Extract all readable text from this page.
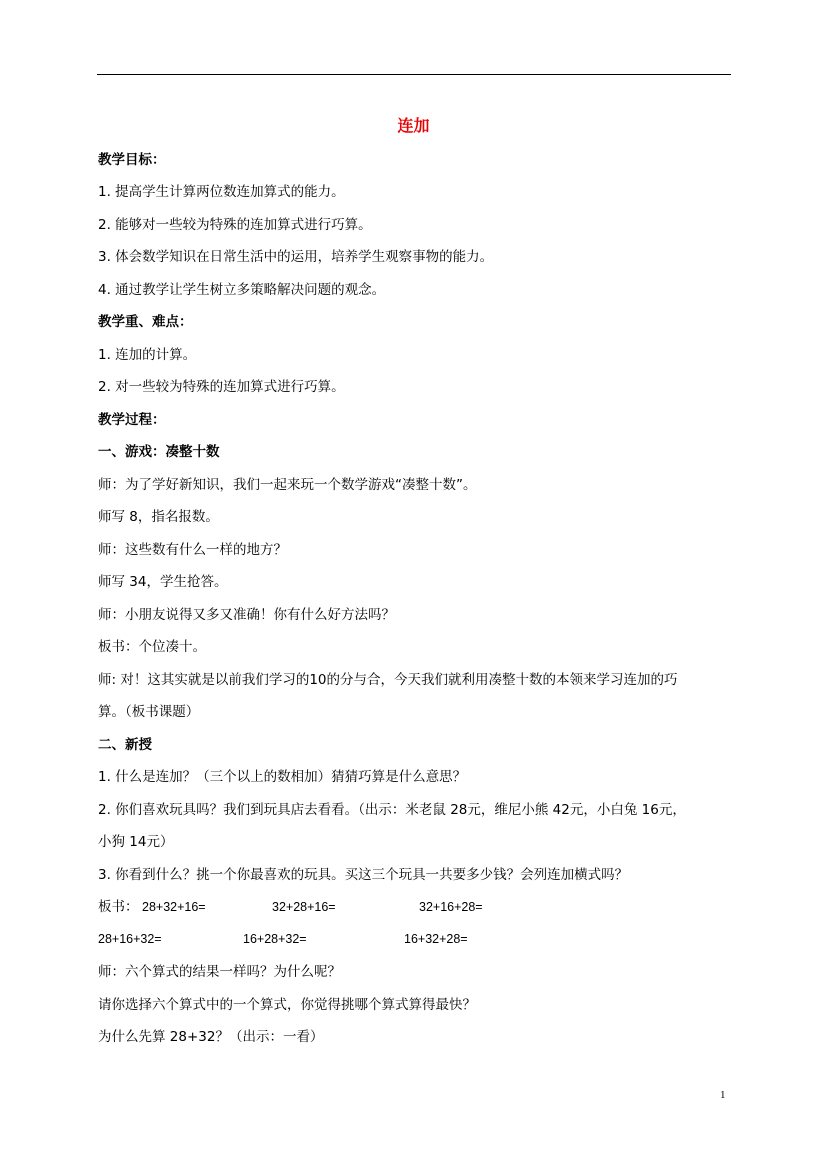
连加
教学目标：
1. 提高学生计算两位数连加算式的能力。
2. 能够对一些较为特殊的连加算式进行巧算。
3. 体会数学知识在日常生活中的运用，培养学生观察事物的能力。
4. 通过教学让学生树立多策略解决问题的观念。
教学重、难点：
1. 连加的计算。
2. 对一些较为特殊的连加算式进行巧算。
教学过程：
一、游戏：凑整十数
师：为了学好新知识，我们一起来玩一个数学游戏“凑整十数”。
师写 8，指名报数。
师：这些数有什么一样的地方？
师写 34，学生抢答。
师：小朋友说得又多又准确！你有什么好方法吗？
板书：个位凑十。
师: 对！这其实就是以前我们学习的10的分与合，今天我们就利用凑整十数的本领来学习连加的巧
算。（板书课题）
二、新授
1. 什么是连加？（三个以上的数相加）猜猜巧算是什么意思？
2. 你们喜欢玩具吗？我们到玩具店去看看。（出示：米老鼠 28元，维尼小熊 42元，小白兔 16元，
小狗 14元）
3. 你看到什么？挑一个你最喜欢的玩具。买这三个玩具一共要多少钱？会列连加横式吗？
板书： 28+32+16=	32+28+16=	32+16+28=
28+16+32=	16+28+32=	16+32+28=
师：六个算式的结果一样吗？为什么呢？
请你选择六个算式中的一个算式，你觉得挑哪个算式算得最快？
为什么先算 28+32？（出示：一看）
1
